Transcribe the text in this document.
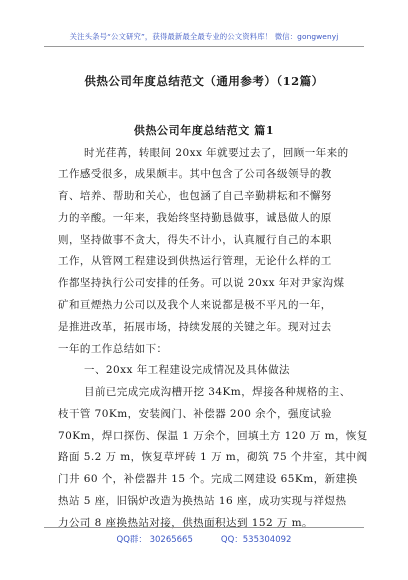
关注头条号“公文研究”，获得最新最全最专业的公文资料库！ 微信：gongwenyj
供热公司年度总结范文（通用参考）（12篇）
供热公司年度总结范文 篇1
时光荏苒，转眼间 20xx 年就要过去了，回顾一年来的
工作感受很多，成果颇丰。其中包含了公司各级领导的教
育、培养、帮助和关心，也包涵了自己辛勤耕耘和不懈努
力的辛酸。一年来，我始终坚持勤恳做事，诚恳做人的原
则，坚持做事不贪大，得失不计小，认真履行自己的本职
工作，从管网工程建设到供热运行管理，无论什么样的工
作都坚持执行公司安排的任务。可以说 20xx 年对尹家沟煤
矿和亘煙热力公司以及我个人来说都是极不平凡的一年，
是推进改革，拓展市场，持续发展的关键之年。现对过去
一年的工作总结如下：
一、20xx 年工程建设完成情况及具体做法
目前已完成完成沟槽开挖 34Km，焊接各种规格的主、
枝干管 70Km，安装阀门、补偿器 200 余个，强度试验
70Km，焊口探伤、保温 1 万余个，回填土方 120 万 m，恢复
路面 5.2 万 m，恢复草坪砖 1 万 m，砌筑 75 个井室，其中阀
门井 60 个，补偿器井 15 个。完成二网建设 65Km，新建换
热站 5 座，旧锅炉改造为换热站 16 座，成功实现与祥煜热
力公司 8 座换热站对接，供热面积达到 152 万 m。
QQ群： 30265665	QQ：535304092
